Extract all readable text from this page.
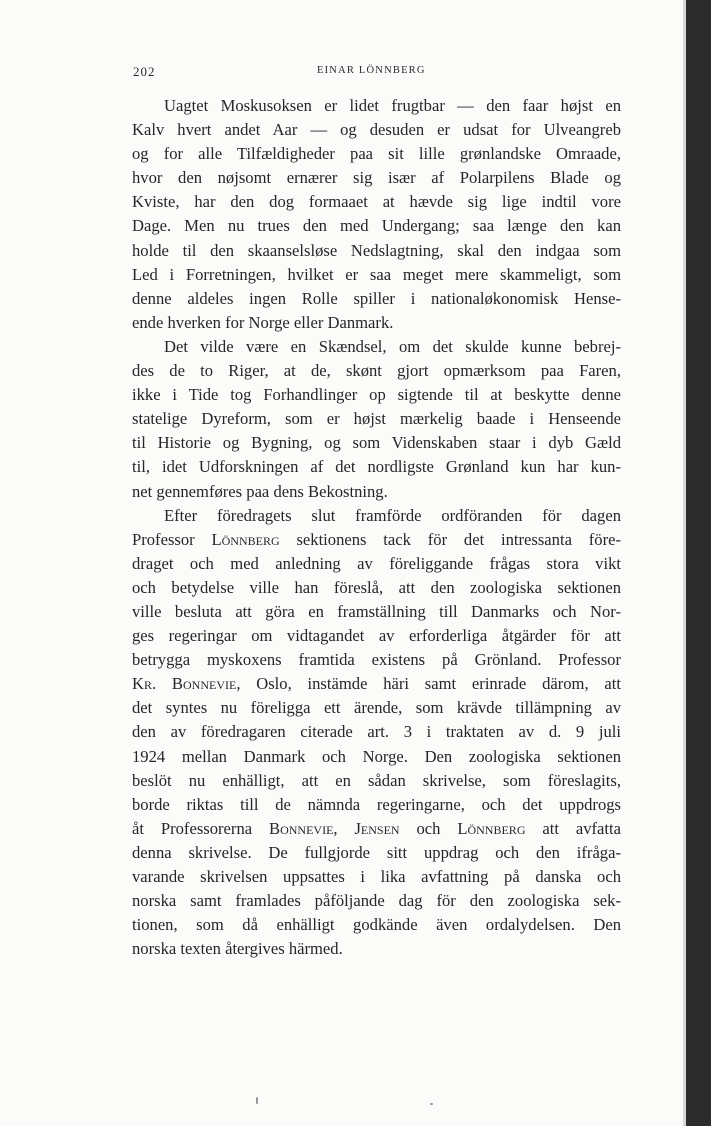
202	EINAR LÖNNBERG
Uagtet Moskusoksen er lidet frugtbar — den faar højst en
Kalv hvert andet Aar — og desuden er udsat for Ulveangreb
og for alle Tilfældigheder paa sit lille grønlandske Omraade,
hvor den nøjsomt ernærer sig især af Polarpilens Blade og
Kviste, har den dog formaaet at hævde sig lige indtil vore
Dage. Men nu trues den med Undergang; saa længe den kan
holde til den skaanselsløse Nedslagtning, skal den indgaa som
Led i Forretningen, hvilket er saa meget mere skammeligt, som
denne aldeles ingen Rolle spiller i nationaløkonomisk Hense-
ende hverken for Norge eller Danmark.
Det vilde være en Skændsel, om det skulde kunne bebrej-
des de to Riger, at de, skønt gjort opmærksom paa Faren,
ikke i Tide tog Forhandlinger op sigtende til at beskytte denne
statelige Dyreform, som er højst mærkelig baade i Henseende
til Historie og Bygning, og som Videnskaben staar i dyb Gæld
til, idet Udforskningen af det nordligste Grønland kun har kun-
net gennemføres paa dens Bekostning.
Efter föredragets slut framförde ordföranden för dagen
Professor Lönnberg sektionens tack för det intressanta före-
draget och med anledning av föreliggande frågas stora vikt
och betydelse ville han föreslå, att den zoologiska sektionen
ville besluta att göra en framställning till Danmarks och Nor-
ges regeringar om vidtagandet av erforderliga åtgärder för att
betrygga myskoxens framtida existens på Grönland. Professor
Kr. Bonnevie, Oslo, instämde häri samt erinrade därom, att
det syntes nu föreligga ett ärende, som krävde tillämpning av
den av föredragaren citerade art. 3 i traktaten av d. 9 juli
1924 mellan Danmark och Norge. Den zoologiska sektionen
beslöt nu enhälligt, att en sådan skrivelse, som föreslagits,
borde riktas till de nämnda regeringarne, och det uppdrogs
åt Professorerna Bonnevie, Jensen och Lönnberg att avfatta
denna skrivelse. De fullgjorde sitt uppdrag och den ifråga-
varande skrivelsen uppsattes i lika avfattning på danska och
norska samt framlades påföljande dag för den zoologiska sek-
tionen, som då enhälligt godkände även ordalydelsen. Den
norska texten återgives härmed.
